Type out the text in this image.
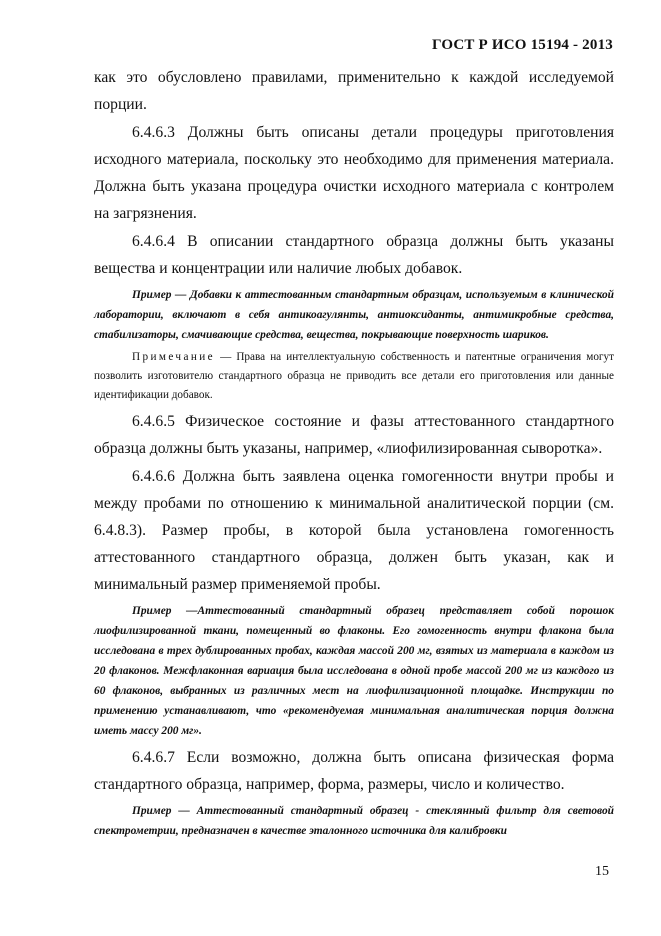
ГОСТ Р ИСО 15194 - 2013

как это обусловлено правилами, применительно к каждой исследуемой порции.

6.4.6.3 Должны быть описаны детали процедуры приготовления исходного материала, поскольку это необходимо для применения материала. Должна быть указана процедура очистки исходного материала с контролем на загрязнения.

6.4.6.4 В описании стандартного образца должны быть указаны вещества и концентрации или наличие любых добавок.

Пример — Добавки к аттестованным стандартным образцам, используемым в клинической лаборатории, включают в себя антикоагулянты, антиоксиданты, антимикробные средства, стабилизаторы, смачивающие средства, вещества, покрывающие поверхность шариков.

Примечание — Права на интеллектуальную собственность и патентные ограничения могут позволить изготовителю стандартного образца не приводить все детали его приготовления или данные идентификации добавок.

6.4.6.5 Физическое состояние и фазы аттестованного стандартного образца должны быть указаны, например, «лиофилизированная сыворотка».

6.4.6.6 Должна быть заявлена оценка гомогенности внутри пробы и между пробами по отношению к минимальной аналитической порции (см. 6.4.8.3). Размер пробы, в которой была установлена гомогенность аттестованного стандартного образца, должен быть указан, как и минимальный размер применяемой пробы.

Пример —Аттестованный стандартный образец представляет собой порошок лиофилизированной ткани, помещенный во флаконы. Его гомогенность внутри флакона была исследована в трех дублированных пробах, каждая массой 200 мг, взятых из материала в каждом из 20 флаконов. Межфлаконная вариация была исследована в одной пробе массой 200 мг из каждого из 60 флаконов, выбранных из различных мест на лиофилизационной площадке. Инструкции по применению устанавливают, что «рекомендуемая минимальная аналитическая порция должна иметь массу 200 мг».

6.4.6.7 Если возможно, должна быть описана физическая форма стандартного образца, например, форма, размеры, число и количество.

Пример — Аттестованный стандартный образец - стеклянный фильтр для световой спектрометрии, предназначен в качестве эталонного источника для калибровки

15
